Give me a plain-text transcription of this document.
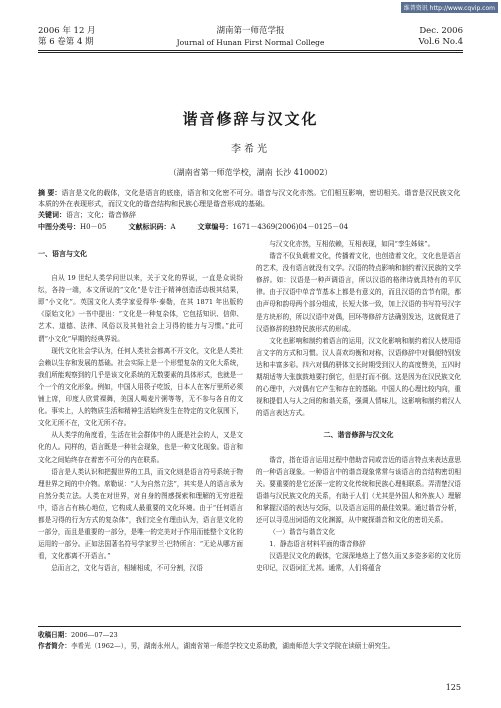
维普资讯 http://www.cqvip.com
2006 年 12 月
第 6 卷第 4 期
湖南第一师范学报
Journal of Hunan First Normal College
Dec. 2006
Vol.6 No.4
谐音修辞与汉文化
李希光
（湖南省第一师范学校，湖南 长沙 410002）
摘 要：语言是文化的载体，文化是语言的底座，语言和文化密不可分。谐音与汉文化亦然。它们相互影响，密切相关。谐音是汉民族文化本质的外在表现形式，而汉文化的谐音结构和民族心理是谐音形成的基础。
关键词：语言；文化；谐音修辞
中图分类号：H0－05	文献标识码：A	文章编号：1671－4369(2006)04－0125－04
一、语言与文化

自从 19 世纪人类学问世以来，关于文化的界说，一直是众说纷纭，各持一端，本文所说的“文化”是专注于精神创造活动极其结果，即“小文化”。英国文化人类学家爱得华·泰勒，在其 1871 年出版的《原始文化》一书中提出：“文化是一种复杂体，它包括知识、信仰、艺术、道德、法律、风俗以及其他社会上习得的能力与习惯。”此可谓“小文化”早期的经典界说。

现代文化社会学认为，任何人类社会都离不开文化，文化是人类社会赖以生存和发展的基础。社会实际上是一个形塑复杂的文化大系统，我们所能观察到的几乎是该文化系统的无数要素的具体形式，也就是一个一个的文化形象。例如，中国人用筷子吃饭，日本人在客厅里所必须铺上席，印度人欣赏裸舞，美国人喝麦片粥等等，无不参与各自的文化。事实上，人的物质生活和精神生活始终发生在特定的文化氛围下，文化无所不在，文化无所不存。

从人类学的角度看，生活在社会群体中的人既是社会的人，又是文化的人。同样的，语言既是一种社会现象，也是一种文化现象。语言和文化之间始终存在着密不可分的内在联系。

语言是人类认识和把握世界的工具，而文化则是语言符号系统于物理世界之间的中介物。席勒说：“人为自然立法”，其实是人的语言承为自然分类立法。人类在对世界，对自身的图感探索和理解的无穷进程中，语言占有核心地位，它构成人最重要的文化环境。由于“任何语言都是习得的行为方式的复杂体”，我们完全有理由认为，语言是文化的一部分，而且是重要的一部分，是唯一的完美对于作用而能整个文化的运用的一部分。正如法国著名符号学家罗兰·巴特所言：“无论从哪方面看，文化都离不开语言。”

总而言之，文化与语言，相辅相成，不可分割，汉语

与汉文化亦然，互相依赖，互相表现，如同“孪生姊妹”。

谐音不仅负载着文化，传播着文化，也创造着文化，文化也是语言的艺术，没有语言就没有文学。汉语的特点影响和制约着汉民族的文学修辞。如：汉语是一种声调语言，所以汉语的格律诗就具特有的平仄律。由于汉语中单音节基本上都是有意义的，而且汉语的音节有限，都由声母和韵母两个部分组成，长短大体一致，加上汉语的书写符号汉字是方块形的，所以汉语中对偶，回环等修辞方法确别发达，这就促进了汉语修辞的独特民族形式的形成。

文化也影响和制约着语言的运用，汉文化影响和制约着汉人使用语言文字的方式和习惯。汉人喜欢均衡和对称，汉语修辞中对偶便特别发达和丰富多彩。四六对偶的骈体文长时期受到汉人的高度赞美，五四时期胡适等大张旗鼓地要打倒它，但是打而不倒。这是因为在汉民族文化的心理中，六对偶有它产生和存在的基础。中国人的心理比较内向，重视和提倡人与人之间的和谐关系，强调人情味儿，这影响和制约着汉人的语言表达方式。

二、谐音修辞与汉文化

谐音，指在语言运用过程中借助音同或音近的语言特点来表达意思的一种语言现象。一种语言中的谐音现象常常与该语言的音结构密切相关。要重要的是它还深一定的文化传统和民族心理相联系。弄清楚汉语语谐与汉民族文化的关系，有助于人们（尤其是外国人和外族人）理解和掌握汉语的表达与交际，以及语言运用的最佳效果。通过谐音分析，还可以寻觅出词语的文化渊源，从中窥探谐音和文化的密切关系。

（一）谐音与谐音文化

1．静态语言材料平面的谐音修辞

汉语是汉文化的载体，它深深地烙上了悠久而又多姿多彩的文化历史印记，汉语词汇尤甚。通常，人们将蕴含

收稿日期：2006—07—23
作者简介：李希光（1962—），男，湖南永州人，湖南省第一师范学校文史系助教，湖南师范大学文学院在读硕士研究生。
125
